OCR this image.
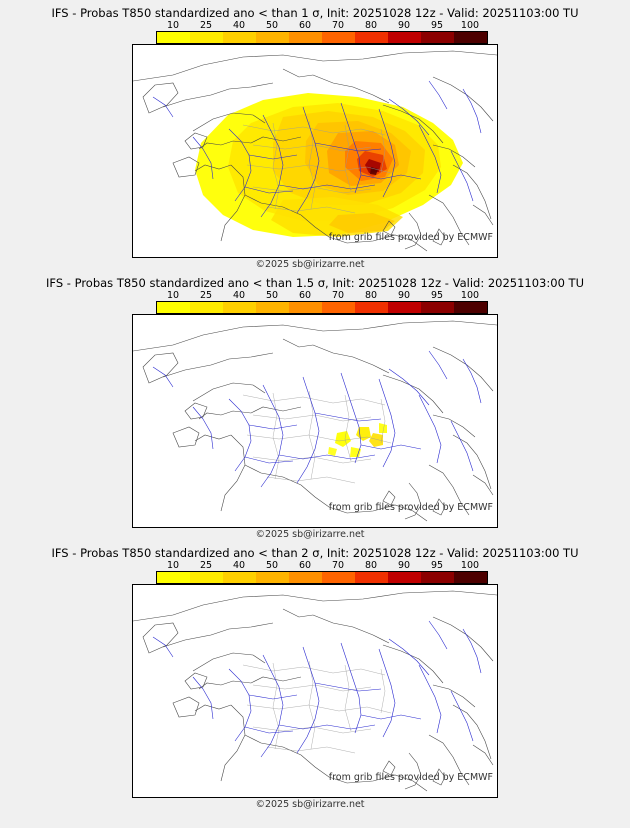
IFS - Probas T850 standardized ano < than 1 σ, Init: 20251028 12z - Valid: 20251103:00 TU
10 25 40 50 60 70 80 90 95 100
from grib files provided by ECMWF
©2025 sb@irizarre.net
IFS - Probas T850 standardized ano < than 1.5 σ, Init: 20251028 12z - Valid: 20251103:00 TU
10 25 40 50 60 70 80 90 95 100
from grib files provided by ECMWF
©2025 sb@irizarre.net
IFS - Probas T850 standardized ano < than 2 σ, Init: 20251028 12z - Valid: 20251103:00 TU
10 25 40 50 60 70 80 90 95 100
from grib files provided by ECMWF
©2025 sb@irizarre.net
